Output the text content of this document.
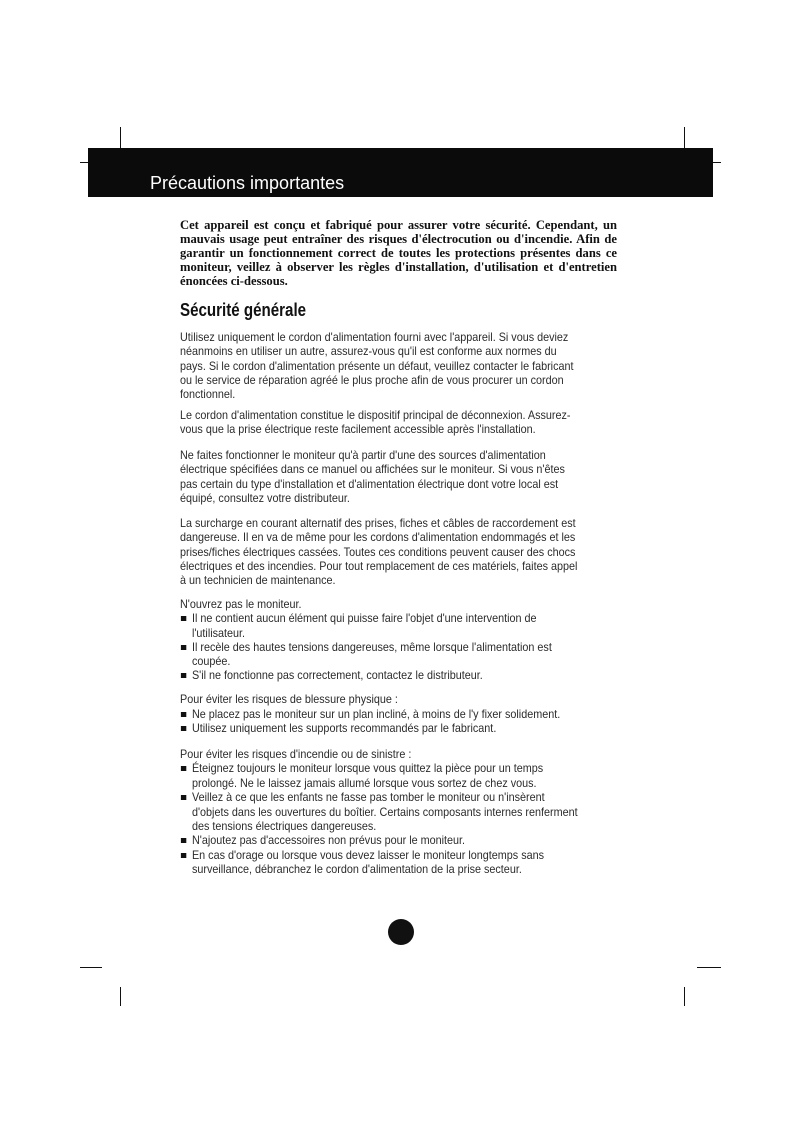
Précautions importantes
Cet appareil est conçu et fabriqué pour assurer votre sécurité. Cependant, un
mauvais usage peut entraîner des risques d'électrocution ou d'incendie. Afin de
garantir un fonctionnement correct de toutes les protections présentes dans ce
moniteur, veillez à observer les règles d'installation, d'utilisation et d'entretien
énoncées ci-dessous.
Sécurité générale
Utilisez uniquement le cordon d'alimentation fourni avec l'appareil. Si vous deviez
néanmoins en utiliser un autre, assurez-vous qu'il est conforme aux normes du
pays. Si le cordon d'alimentation présente un défaut, veuillez contacter le fabricant
ou le service de réparation agréé le plus proche afin de vous procurer un cordon
fonctionnel.
Le cordon d'alimentation constitue le dispositif principal de déconnexion. Assurez-
vous que la prise électrique reste facilement accessible après l'installation.
Ne faites fonctionner le moniteur qu'à partir d'une des sources d'alimentation
électrique spécifiées dans ce manuel ou affichées sur le moniteur. Si vous n'êtes
pas certain du type d'installation et d'alimentation électrique dont votre local est
équipé, consultez votre distributeur.
La surcharge en courant alternatif des prises, fiches et câbles de raccordement est
dangereuse. Il en va de même pour les cordons d'alimentation endommagés et les
prises/fiches électriques cassées. Toutes ces conditions peuvent causer des chocs
électriques et des incendies. Pour tout remplacement de ces matériels, faites appel
à un technicien de maintenance.
N'ouvrez pas le moniteur.
Il ne contient aucun élément qui puisse faire l'objet d'une intervention de
l'utilisateur.
Il recèle des hautes tensions dangereuses, même lorsque l'alimentation est
coupée.
S'il ne fonctionne pas correctement, contactez le distributeur.
Pour éviter les risques de blessure physique :
Ne placez pas le moniteur sur un plan incliné, à moins de l'y fixer solidement.
Utilisez uniquement les supports recommandés par le fabricant.
Pour éviter les risques d'incendie ou de sinistre :
Éteignez toujours le moniteur lorsque vous quittez la pièce pour un temps
prolongé. Ne le laissez jamais allumé lorsque vous sortez de chez vous.
Veillez à ce que les enfants ne fasse pas tomber le moniteur ou n'insèrent
d'objets dans les ouvertures du boîtier. Certains composants internes renferment
des tensions électriques dangereuses.
N'ajoutez pas d'accessoires non prévus pour le moniteur.
En cas d'orage ou lorsque vous devez laisser le moniteur longtemps sans
surveillance, débranchez le cordon d'alimentation de la prise secteur.
